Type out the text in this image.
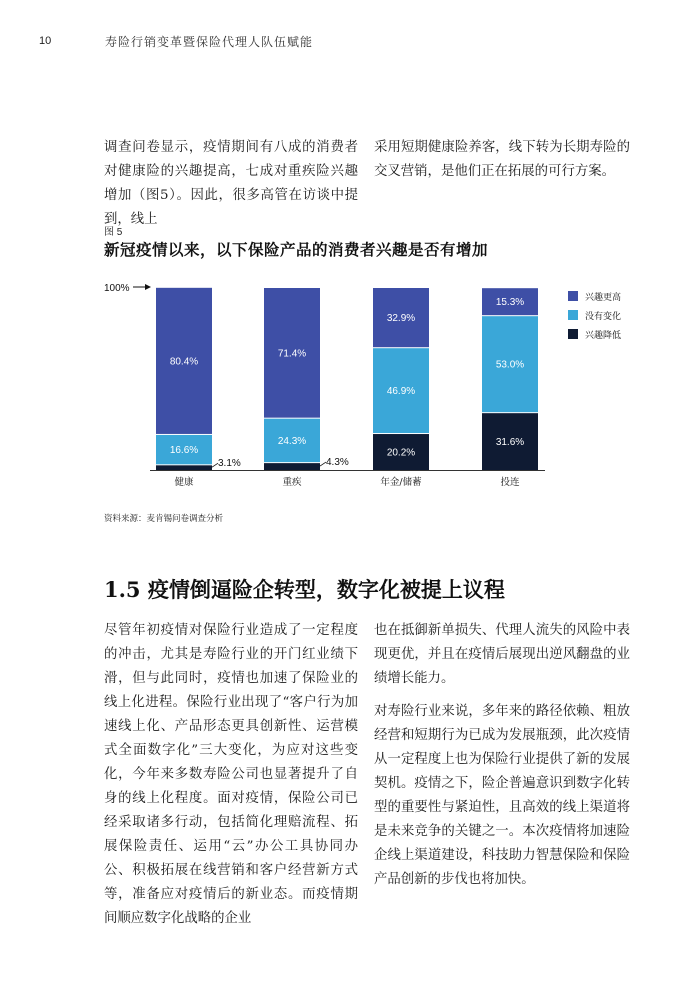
10	寿险行销变革暨保险代理人队伍赋能
调查问卷显示，疫情期间有八成的消费者对健康险的兴趣提高，七成对重疾险兴趣增加（图5）。因此，很多高管在访谈中提到，线上
采用短期健康险养客，线下转为长期寿险的交叉营销，是他们正在拓展的可行方案。
图 5
新冠疫情以来，以下保险产品的消费者兴趣是否有增加
100%
3.1%
16.6%
80.4%
健康
4.3%
24.3%
71.4%
重疾
20.2%
46.9%
32.9%
年金/储蓄
31.6%
53.0%
15.3%
投连
兴趣更高
没有变化
兴趣降低
资料来源：麦肯锡问卷调查分析
1.5 疫情倒逼险企转型，数字化被提上议程
尽管年初疫情对保险行业造成了一定程度的冲击，尤其是寿险行业的开门红业绩下滑，但与此同时，疫情也加速了保险业的线上化进程。保险行业出现了“客户行为加速线上化、产品形态更具创新性、运营模式全面数字化”三大变化，为应对这些变化，今年来多数寿险公司也显著提升了自身的线上化程度。面对疫情，保险公司已经采取诸多行动，包括简化理赔流程、拓展保险责任、运用“云”办公工具协同办公、积极拓展在线营销和客户经营新方式等，准备应对疫情后的新业态。而疫情期间顺应数字化战略的企业
也在抵御新单损失、代理人流失的风险中表现更优，并且在疫情后展现出逆风翻盘的业绩增长能力。
对寿险行业来说，多年来的路径依赖、粗放经营和短期行为已成为发展瓶颈，此次疫情从一定程度上也为保险行业提供了新的发展契机。疫情之下，险企普遍意识到数字化转型的重要性与紧迫性，且高效的线上渠道将是未来竞争的关键之一。本次疫情将加速险企线上渠道建设，科技助力智慧保险和保险产品创新的步伐也将加快。
